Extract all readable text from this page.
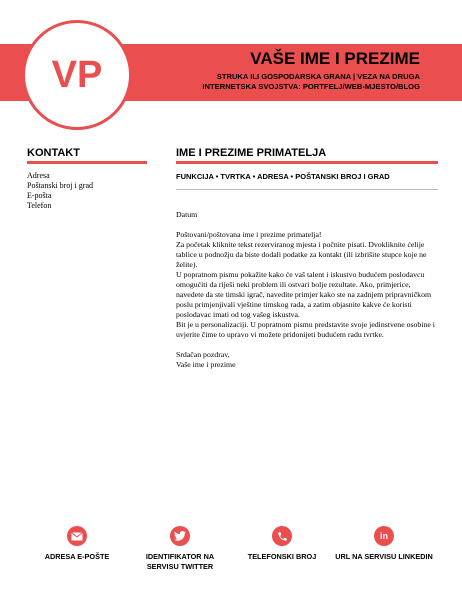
VP	VAŠE IME I PREZIME
STRUKA ILI GOSPODARSKA GRANA | VEZA NA DRUGA INTERNETSKA SVOJSTVA: PORTFELJ/WEB-MJESTO/BLOG
KONTAKT
Adresa
Poštanski broj i grad
E-pošta
Telefon
IME I PREZIME PRIMATELJA
FUNKCIJA • TVRTKA • ADRESA • POŠTANSKI BROJ I GRAD

Datum

Poštovani/poštovana ime i prezime primatelja!

Za početak kliknite tekst rezerviranog mjesta i počnite pisati. Dvokliknite ćelije tablice u podnožju da biste dodali podatke za kontakt (ili izbrišite stupce koje ne želite).

U popratnom pismu pokažite kako će vaš talent i iskustvo budućem poslodavcu omogućiti da riješi neki problem ili ostvari bolje rezultate. Ako, primjerice, navedete da ste timski igrač, navedite primjer kako ste na zadnjem pripravničkom poslu primjenjivali vještine timskog rada, a zatim objasnite kakve će koristi poslodavac imati od tog vašeg iskustva.

Bit je u personalizaciji. U popratnom pismu predstavite svoje jedinstvene osobine i uvjerite čime to upravo vi možete pridonijeti budućem radu tvrtke.

Srdačan pozdrav,

Vaše ime i prezime

ADRESA E-POŠTE	IDENTIFIKATOR NA SERVISU TWITTER
TELEFONSKI BROJ
in
URL NA SERVISU LINKEDIN
